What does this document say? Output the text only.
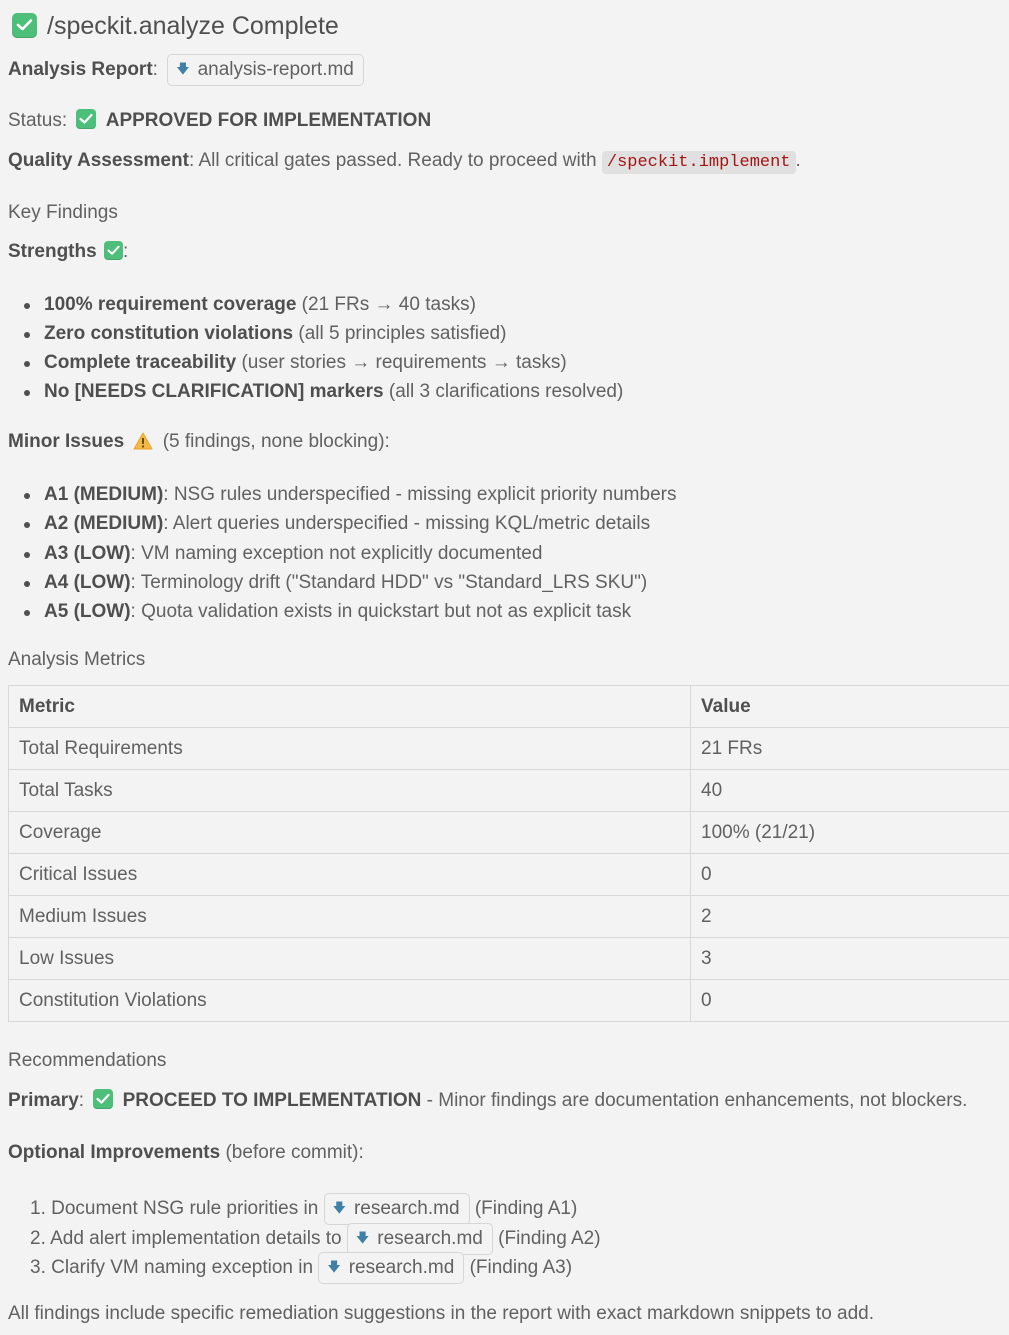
/speckit.analyze Complete
Analysis Report: 🡇 analysis-report.md
Status: APPROVED FOR IMPLEMENTATION
Quality Assessment: All critical gates passed. Ready to proceed with /speckit.implement .
Key Findings
Strengths :
100% requirement coverage (21 FRs → 40 tasks)
Zero constitution violations (all 5 principles satisfied)
Complete traceability (user stories → requirements → tasks)
No [NEEDS CLARIFICATION] markers (all 3 clarifications resolved)
Minor Issues (5 findings, none blocking):
A1 (MEDIUM): NSG rules underspecified - missing explicit priority numbers
A2 (MEDIUM): Alert queries underspecified - missing KQL/metric details
A3 (LOW): VM naming exception not explicitly documented
A4 (LOW): Terminology drift ("Standard HDD" vs "Standard_LRS SKU")
A5 (LOW): Quota validation exists in quickstart but not as explicit task
Analysis Metrics
Metric	Value
Total Requirements	21 FRs
Total Tasks	40
Coverage	100% (21/21)
Critical Issues	0
Medium Issues	2
Low Issues	3
Constitution Violations	0
Recommendations
Primary: PROCEED TO IMPLEMENTATION - Minor findings are documentation enhancements, not blockers.
Optional Improvements (before commit):
1. Document NSG rule priorities in 🡇 research.md (Finding A1)
2. Add alert implementation details to 🡇 research.md (Finding A2)
3. Clarify VM naming exception in 🡇 research.md (Finding A3)
All findings include specific remediation suggestions in the report with exact markdown snippets to add.
